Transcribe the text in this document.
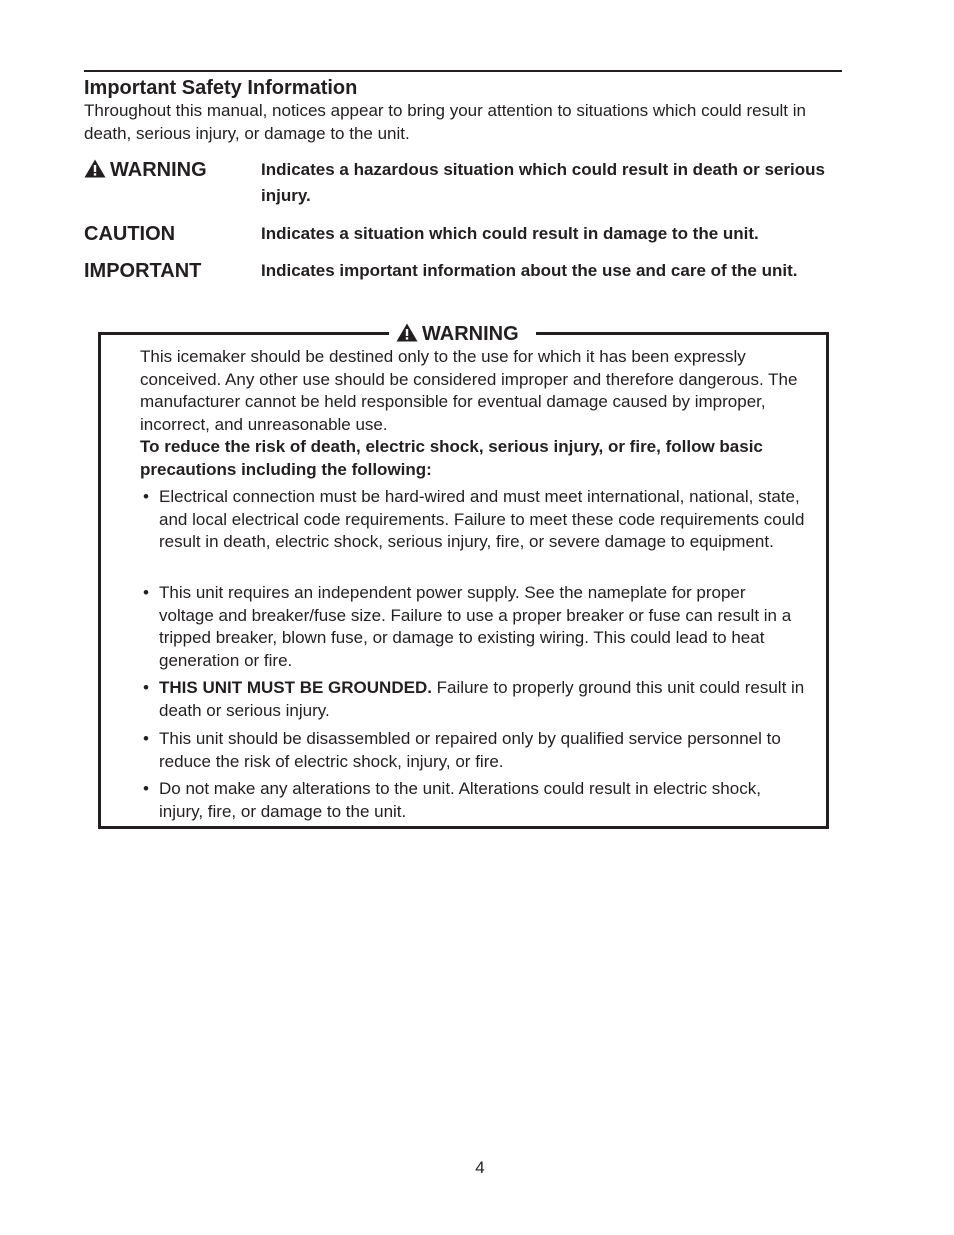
Important Safety Information
Throughout this manual, notices appear to bring your attention to situations which could result in death, serious injury, or damage to the unit.
WARNING	Indicates a hazardous situation which could result in death or serious injury.
CAUTION	Indicates a situation which could result in damage to the unit.
IMPORTANT	Indicates important information about the use and care of the unit.
WARNING

This icemaker should be destined only to the use for which it has been expressly conceived. Any other use should be considered improper and therefore dangerous. The manufacturer cannot be held responsible for eventual damage caused by improper, incorrect, and unreasonable use.

To reduce the risk of death, electric shock, serious injury, or fire, follow basic precautions including the following:

• Electrical connection must be hard-wired and must meet international, national, state, and local electrical code requirements. Failure to meet these code requirements could result in death, electric shock, serious injury, fire, or severe damage to equipment.
• This unit requires an independent power supply. See the nameplate for proper voltage and breaker/fuse size. Failure to use a proper breaker or fuse can result in a tripped breaker, blown fuse, or damage to existing wiring. This could lead to heat generation or fire.
• THIS UNIT MUST BE GROUNDED. Failure to properly ground this unit could result in death or serious injury.
• This unit should be disassembled or repaired only by qualified service personnel to reduce the risk of electric shock, injury, or fire.
• Do not make any alterations to the unit. Alterations could result in electric shock, injury, fire, or damage to the unit.
4
